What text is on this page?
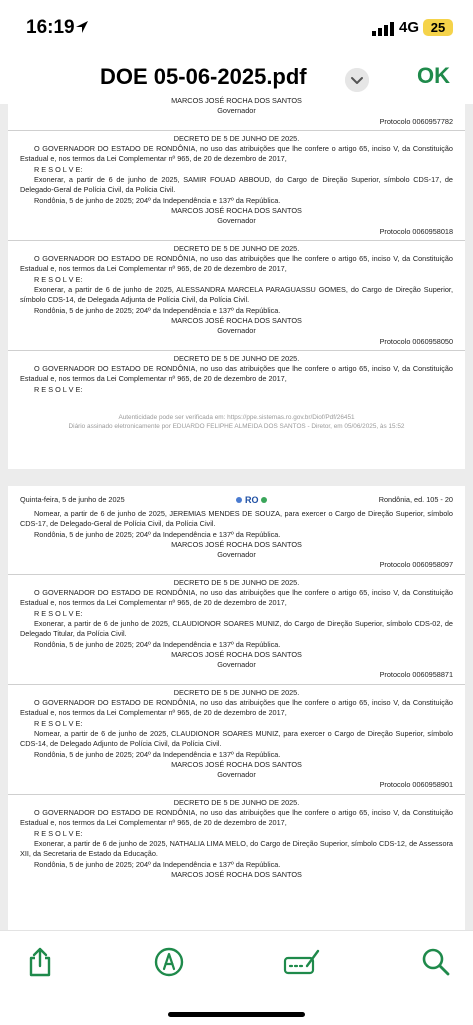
16:19	4G 25
DOE 05-06-2025.pdf	OK
MARCOS JOSÉ ROCHA DOS SANTOS
Governador
Protocolo 0060957782
DECRETO DE 5 DE JUNHO DE 2025.
O GOVERNADOR DO ESTADO DE RONDÔNIA, no uso das atribuições que lhe confere o artigo 65, inciso V, da Constituição Estadual e, nos termos da Lei Complementar nº 965, de 20 de dezembro de 2017,
R E S O L V E:
Exonerar, a partir de 6 de junho de 2025, SAMIR FOUAD ABBOUD, do Cargo de Direção Superior, símbolo CDS-17, de Delegado-Geral de Polícia Civil, da Polícia Civil.
Rondônia, 5 de junho de 2025; 204º da Independência e 137º da República.
MARCOS JOSÉ ROCHA DOS SANTOS
Governador
Protocolo 0060958018
DECRETO DE 5 DE JUNHO DE 2025.
O GOVERNADOR DO ESTADO DE RONDÔNIA, no uso das atribuições que lhe confere o artigo 65, inciso V, da Constituição Estadual e, nos termos da Lei Complementar nº 965, de 20 de dezembro de 2017,
R E S O L V E:
Exonerar, a partir de 6 de junho de 2025, ALESSANDRA MARCELA PARAGUASSU GOMES, do Cargo de Direção Superior, símbolo CDS-14, de Delegada Adjunta de Polícia Civil, da Polícia Civil.
Rondônia, 5 de junho de 2025; 204º da Independência e 137º da República.
MARCOS JOSÉ ROCHA DOS SANTOS
Governador
Protocolo 0060958050
DECRETO DE 5 DE JUNHO DE 2025.
O GOVERNADOR DO ESTADO DE RONDÔNIA, no uso das atribuições que lhe confere o artigo 65, inciso V, da Constituição Estadual e, nos termos da Lei Complementar nº 965, de 20 de dezembro de 2017,
R E S O L V E:
Autenticidade pode ser verificada em: https://ppe.sistemas.ro.gov.br/Diof/Pdf/26451
Diário assinado eletronicamente por EDUARDO FELIPHE ALMEIDA DOS SANTOS - Diretor, em 05/06/2025, às 15:52
Quinta-feira, 5 de junho de 2025	RO	Rondônia, ed. 105 - 20
Nomear, a partir de 6 de junho de 2025, JEREMIAS MENDES DE SOUZA, para exercer o Cargo de Direção Superior, símbolo CDS-17, de Delegado-Geral de Polícia Civil, da Polícia Civil.
Rondônia, 5 de junho de 2025; 204º da Independência e 137º da República.
MARCOS JOSÉ ROCHA DOS SANTOS
Governador
Protocolo 0060958097
DECRETO DE 5 DE JUNHO DE 2025.
O GOVERNADOR DO ESTADO DE RONDÔNIA, no uso das atribuições que lhe confere o artigo 65, inciso V, da Constituição Estadual e, nos termos da Lei Complementar nº 965, de 20 de dezembro de 2017,
R E S O L V E:
Exonerar, a partir de 6 de junho de 2025, CLAUDIONOR SOARES MUNIZ, do Cargo de Direção Superior, símbolo CDS-02, de Delegado Titular, da Polícia Civil.
Rondônia, 5 de junho de 2025; 204º da Independência e 137º da República.
MARCOS JOSÉ ROCHA DOS SANTOS
Governador
Protocolo 0060958871
DECRETO DE 5 DE JUNHO DE 2025.
O GOVERNADOR DO ESTADO DE RONDÔNIA, no uso das atribuições que lhe confere o artigo 65, inciso V, da Constituição Estadual e, nos termos da Lei Complementar nº 965, de 20 de dezembro de 2017,
R E S O L V E:
Nomear, a partir de 6 de junho de 2025, CLAUDIONOR SOARES MUNIZ, para exercer o Cargo de Direção Superior, símbolo CDS-14, de Delegado Adjunto de Polícia Civil, da Polícia Civil.
Rondônia, 5 de junho de 2025; 204º da Independência e 137º da República.
MARCOS JOSÉ ROCHA DOS SANTOS
Governador
Protocolo 0060958901
DECRETO DE 5 DE JUNHO DE 2025.
O GOVERNADOR DO ESTADO DE RONDÔNIA, no uso das atribuições que lhe confere o artigo 65, inciso V, da Constituição Estadual e, nos termos da Lei Complementar nº 965, de 20 de dezembro de 2017,
R E S O L V E:
Exonerar, a partir de 6 de junho de 2025, NATHALIA LIMA MELO, do Cargo de Direção Superior, símbolo CDS-12, de Assessora XII, da Secretaria de Estado da Educação.
Rondônia, 5 de junho de 2025; 204º da Independência e 137º da República.
MARCOS JOSÉ ROCHA DOS SANTOS
